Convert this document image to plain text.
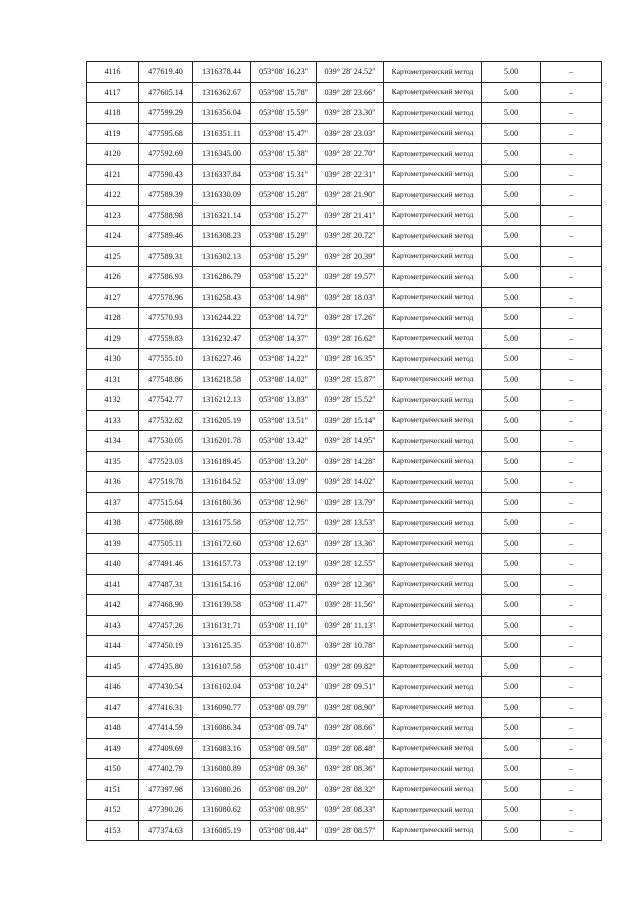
4116	477619.40	1316378.44	053°08' 16.23"	039° 28' 24.52"	Картометрический метод	5.00	–
4117	477605.14	1316362.67	053°08' 15.78"	039° 28' 23.66"	Картометрический метод	5.00	–
4118	477599.29	1316356.04	053°08' 15.59"	039° 28' 23.30"	Картометрический метод	5.00	–
4119	477595.68	1316351.11	053°08' 15.47"	039° 28' 23.03"	Картометрический метод	5.00	–
4120	477592.69	1316345.00	053°08' 15.38"	039° 28' 22.70"	Картометрический метод	5.00	–
4121	477590.43	1316337.84	053°08' 15.31"	039° 28' 22.31"	Картометрический метод	5.00	–
4122	477589.39	1316330.09	053°08' 15.28"	039° 28' 21.90"	Картометрический метод	5.00	–
4123	477588.98	1316321.14	053°08' 15.27"	039° 28' 21.41"	Картометрический метод	5.00	–
4124	477589.46	1316308.23	053°08' 15.29"	039° 28' 20.72"	Картометрический метод	5.00	–
4125	477589.31	1316302.13	053°08' 15.29"	039° 28' 20.39"	Картометрический метод	5.00	–
4126	477586.93	1316286.79	053°08' 15.22"	039° 28' 19.57"	Картометрический метод	5.00	–
4127	477578.96	1316258.43	053°08' 14.98"	039° 28' 18.03"	Картометрический метод	5.00	–
4128	477570.93	1316244.22	053°08' 14.72"	039° 28' 17.26"	Картометрический метод	5.00	–
4129	477559.83	1316232.47	053°08' 14.37"	039° 28' 16.62"	Картометрический метод	5.00	–
4130	477555.10	1316227.46	053°08' 14.22"	039° 28' 16.35"	Картометрический метод	5.00	–
4131	477548.86	1316218.58	053°08' 14.02"	039° 28' 15.87"	Картометрический метод	5.00	–
4132	477542.77	1316212.13	053°08' 13.83"	039° 28' 15.52"	Картометрический метод	5.00	–
4133	477532.82	1316205.19	053°08' 13.51"	039° 28' 15.14"	Картометрический метод	5.00	–
4134	477530.05	1316201.78	053°08' 13.42"	039° 28' 14.95"	Картометрический метод	5.00	–
4135	477523.03	1316189.45	053°08' 13.20"	039° 28' 14.28"	Картометрический метод	5.00	–
4136	477519.78	1316184.52	053°08' 13.09"	039° 28' 14.02"	Картометрический метод	5.00	–
4137	477515.64	1316180.36	053°08' 12.96"	039° 28' 13.79"	Картометрический метод	5.00	–
4138	477508.89	1316175.58	053°08' 12.75"	039° 28' 13.53"	Картометрический метод	5.00	–
4139	477505.11	1316172.60	053°08' 12.63"	039° 28' 13.36"	Картометрический метод	5.00	–
4140	477491.46	1316157.73	053°08' 12.19"	039° 28' 12.55"	Картометрический метод	5.00	–
4141	477487.31	1316154.16	053°08' 12.06"	039° 28' 12.36"	Картометрический метод	5.00	–
4142	477468.90	1316139.58	053°08' 11.47"	039° 28' 11.56"	Картометрический метод	5.00	–
4143	477457.26	1316131.71	053°08' 11.10"	039° 28' 11.13"	Картометрический метод	5.00	–
4144	477450.19	1316125.35	053°08' 10.87"	039° 28' 10.78"	Картометрический метод	5.00	–
4145	477435.80	1316107.58	053°08' 10.41"	039° 28' 09.82"	Картометрический метод	5.00	–
4146	477430.54	1316102.04	053°08' 10.24"	039° 28' 09.51"	Картометрический метод	5.00	–
4147	477416.31	1316090.77	053°08' 09.79"	039° 28' 08.90"	Картометрический метод	5.00	–
4148	477414.59	1316086.34	053°08' 09.74"	039° 28' 08.66"	Картометрический метод	5.00	–
4149	477409.69	1316083.16	053°08' 09.58"	039° 28' 08.48"	Картометрический метод	5.00	–
4150	477402.79	1316080.89	053°08' 09.36"	039° 28' 08.36"	Картометрический метод	5.00	–
4151	477397.98	1316080.26	053°08' 09.20"	039° 28' 08.32"	Картометрический метод	5.00	–
4152	477390.26	1316080.62	053°08' 08.95"	039° 28' 08.33"	Картометрический метод	5.00	–
4153	477374.63	1316085.19	053°08' 08.44"	039° 28' 08.57"	Картометрический метод	5.00	–
